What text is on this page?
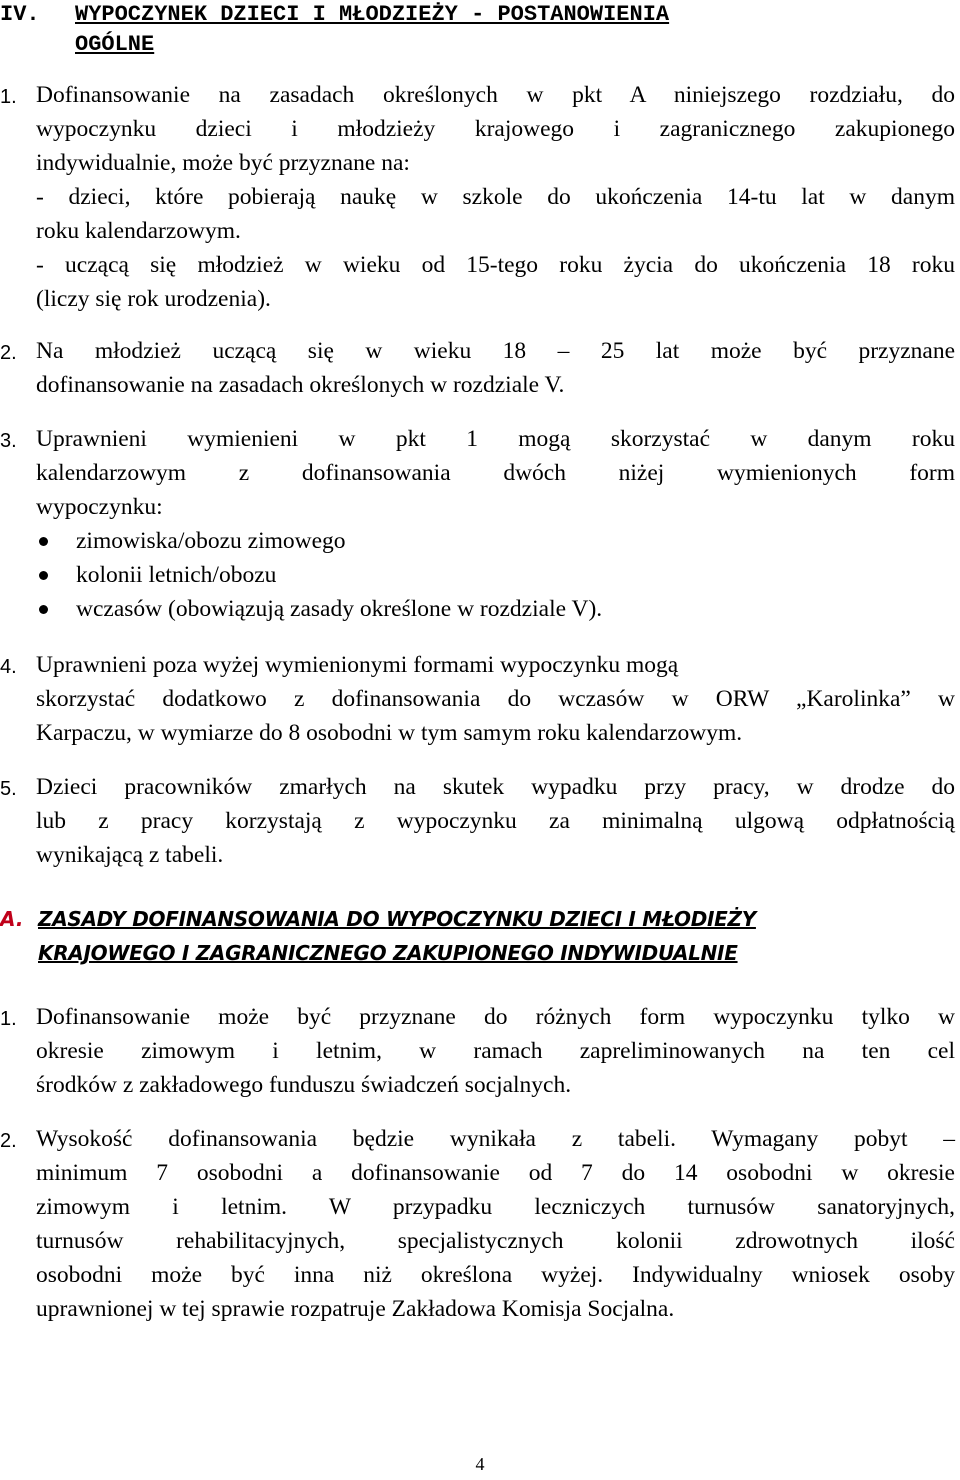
IV. WYPOCZYNEK DZIECI I MŁODZIEŻY - POSTANOWIENIA
OGÓLNE
1. Dofinansowanie na zasadach określonych w pkt A niniejszego rozdziału, do

wypoczynku dzieci i młodzieży krajowego i zagranicznego zakupionego

indywidualnie, może być przyznane na:

- dzieci, które pobierają naukę w szkole do ukończenia 14-tu lat w danym

roku kalendarzowym.

- uczącą się młodzież w wieku od 15-tego roku życia do ukończenia 18 roku

(liczy się rok urodzenia).

2. Na młodzież uczącą się w wieku 18 – 25 lat może być przyznane

dofinansowanie na zasadach określonych w rozdziale V.

3. Uprawnieni wymienieni w pkt 1 mogą skorzystać w danym roku

kalendarzowym z dofinansowania dwóch niżej wymienionych form

wypoczynku:

zimowiska/obozu zimowego
kolonii letnich/obozu
wczasów (obowiązują zasady określone w rozdziale V).
4. Uprawnieni poza wyżej wymienionymi formami wypoczynku mogą

skorzystać dodatkowo z dofinansowania do wczasów w ORW „Karolinka” w

Karpaczu, w wymiarze do 8 osobodni w tym samym roku kalendarzowym.

5. Dzieci pracowników zmarłych na skutek wypadku przy pracy, w drodze do

lub z pracy korzystają z wypoczynku za minimalną ulgową odpłatnością

wynikającą z tabeli.

A. ZASADY DOFINANSOWANIA DO WYPOCZYNKU DZIECI I MŁODIEŻY
KRAJOWEGO I ZAGRANICZNEGO ZAKUPIONEGO INDYWIDUALNIE
1. Dofinansowanie może być przyznane do różnych form wypoczynku tylko w

okresie zimowym i letnim, w ramach zapreliminowanych na ten cel

środków z zakładowego funduszu świadczeń socjalnych.

2. Wysokość dofinansowania będzie wynikała z tabeli. Wymagany pobyt –

minimum 7 osobodni a dofinansowanie od 7 do 14 osobodni w okresie

zimowym i letnim. W przypadku leczniczych turnusów sanatoryjnych,

turnusów rehabilitacyjnych, specjalistycznych kolonii zdrowotnych ilość

osobodni może być inna niż określona wyżej. Indywidualny wniosek osoby

uprawnionej w tej sprawie rozpatruje Zakładowa Komisja Socjalna.

4
